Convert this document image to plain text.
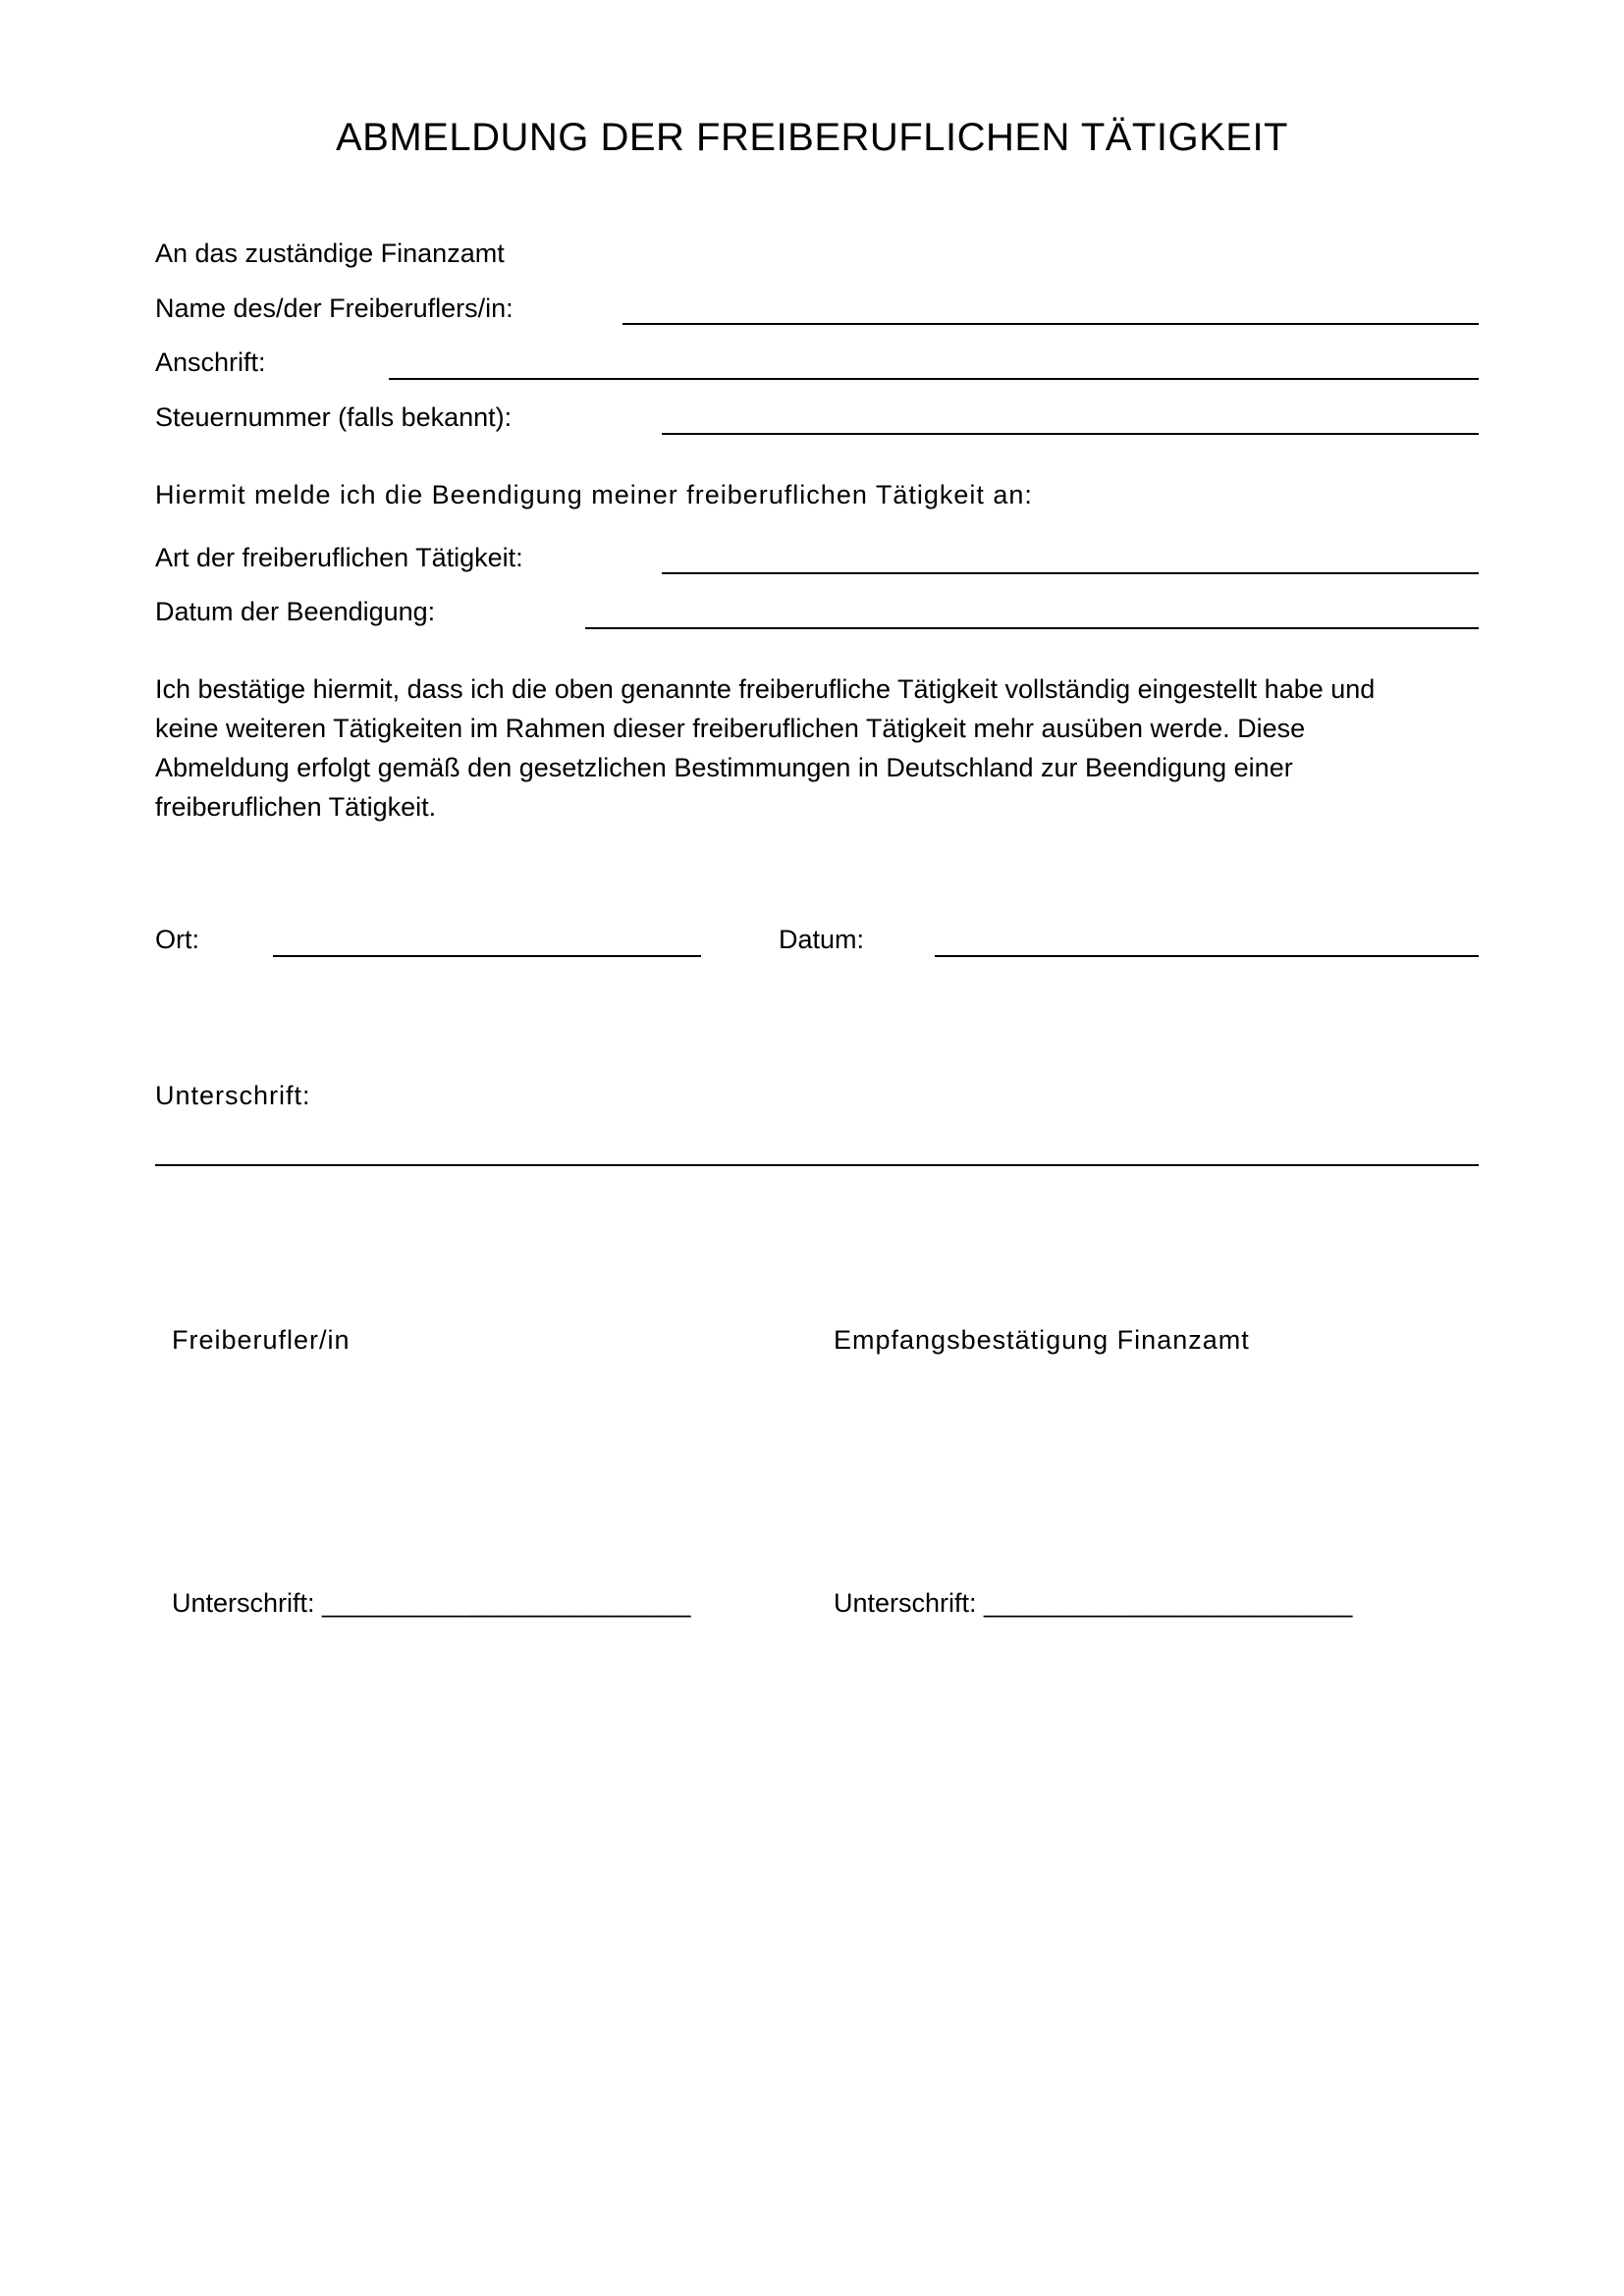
ABMELDUNG DER FREIBERUFLICHEN TÄTIGKEIT
An das zuständige Finanzamt
Name des/der Freiberuflers/in:
Anschrift:
Steuernummer (falls bekannt):
Hiermit melde ich die Beendigung meiner freiberuflichen Tätigkeit an:
Art der freiberuflichen Tätigkeit:
Datum der Beendigung:
Ich bestätige hiermit, dass ich die oben genannte freiberufliche Tätigkeit vollständig eingestellt habe und
keine weiteren Tätigkeiten im Rahmen dieser freiberuflichen Tätigkeit mehr ausüben werde. Diese
Abmeldung erfolgt gemäß den gesetzlichen Bestimmungen in Deutschland zur Beendigung einer
freiberuflichen Tätigkeit.
Ort:	Datum:
Unterschrift:
Freiberufler/in	Empfangsbestätigung Finanzamt
Unterschrift: _________________________	Unterschrift: _________________________
